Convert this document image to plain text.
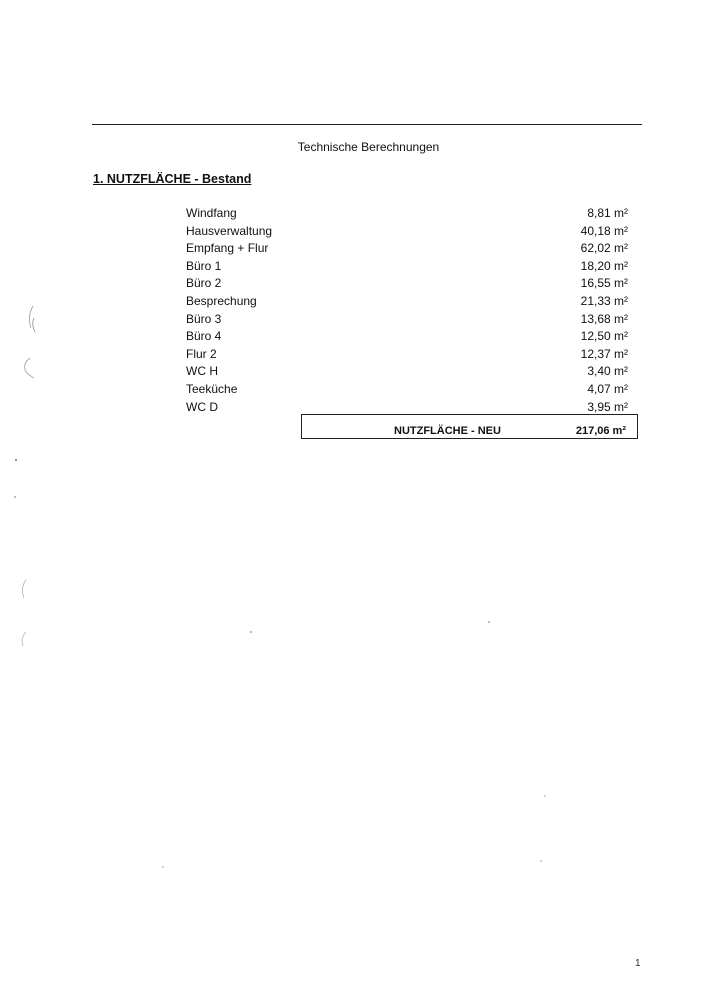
Technische Berechnungen
1. NUTZFLÄCHE - Bestand
Windfang	8,81 m²
Hausverwaltung	40,18 m²
Empfang + Flur	62,02 m²
Büro 1	18,20 m²
Büro 2	16,55 m²
Besprechung	21,33 m²
Büro 3	13,68 m²
Büro 4	12,50 m²
Flur 2	12,37 m²
WC H	3,40 m²
Teeküche	4,07 m²
WC D	3,95 m²
NUTZFLÄCHE - NEU	217,06 m²
1
